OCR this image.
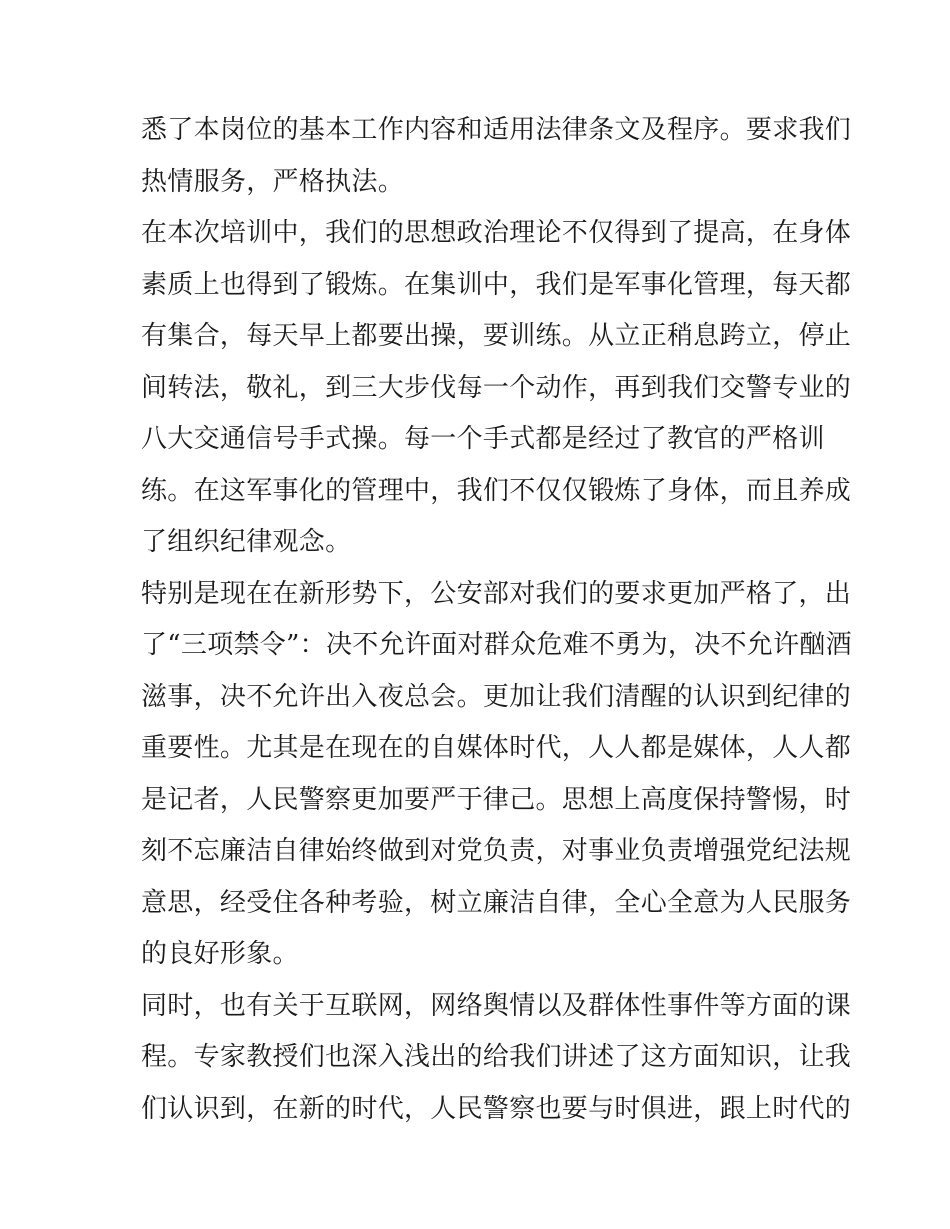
悉了本岗位的基本工作内容和适用法律条文及程序。要求我们
热情服务，严格执法。
在本次培训中，我们的思想政治理论不仅得到了提高，在身体
素质上也得到了锻炼。在集训中，我们是军事化管理，每天都
有集合，每天早上都要出操，要训练。从立正稍息跨立，停止
间转法，敬礼，到三大步伐每一个动作，再到我们交警专业的
八大交通信号手式操。每一个手式都是经过了教官的严格训
练。在这军事化的管理中，我们不仅仅锻炼了身体，而且养成
了组织纪律观念。
特别是现在在新形势下，公安部对我们的要求更加严格了，出
了“三项禁令”：决不允许面对群众危难不勇为，决不允许酗酒
滋事，决不允许出入夜总会。更加让我们清醒的认识到纪律的
重要性。尤其是在现在的自媒体时代，人人都是媒体，人人都
是记者，人民警察更加要严于律己。思想上高度保持警惕，时
刻不忘廉洁自律始终做到对党负责，对事业负责增强党纪法规
意思，经受住各种考验，树立廉洁自律，全心全意为人民服务
的良好形象。
同时，也有关于互联网，网络舆情以及群体性事件等方面的课
程。专家教授们也深入浅出的给我们讲述了这方面知识，让我
们认识到，在新的时代，人民警察也要与时俱进，跟上时代的
